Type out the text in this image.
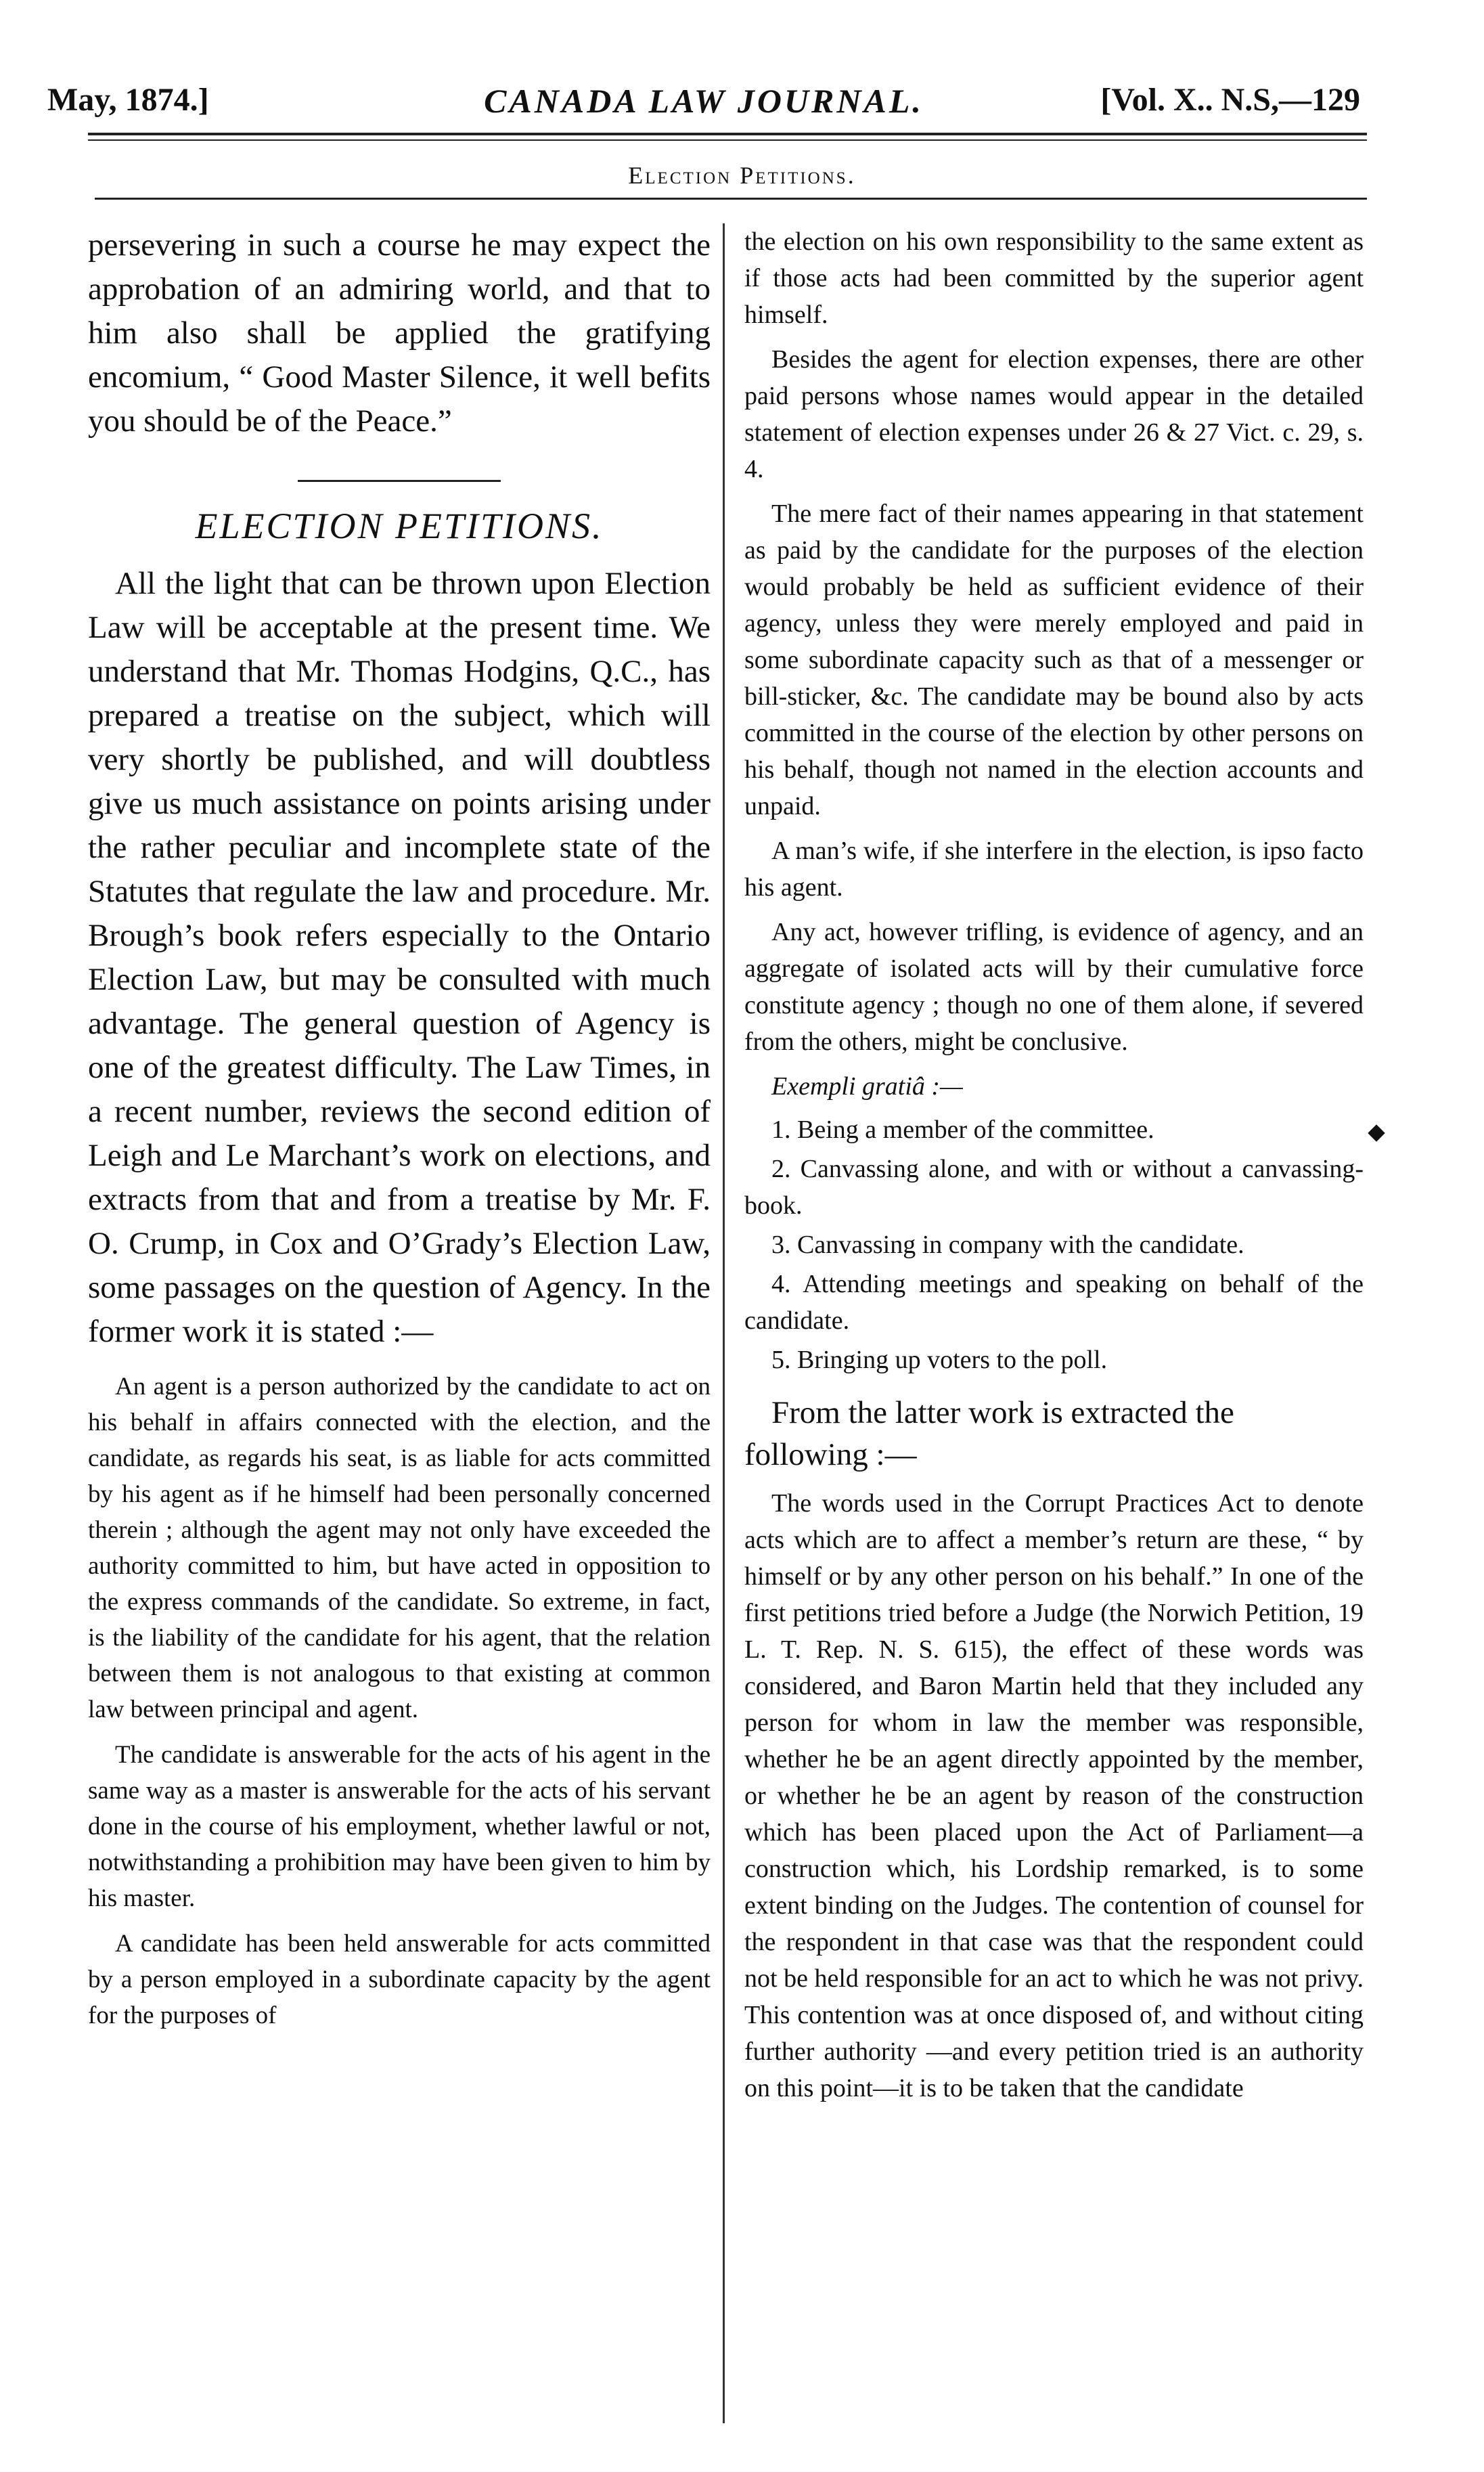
May, 1874.]	CANADA LAW JOURNAL.	[Vol. X.. N.S,—129
Election Petitions.

persevering in such a course he may expect the approbation of an admiring world, and that to him also shall be applied the gratifying encomium, “ Good Master Silence, it well befits you should be of the Peace.”

ELECTION PETITIONS.

All the light that can be thrown upon Election Law will be acceptable at the present time. We understand that Mr. Thomas Hodgins, Q.C., has prepared a treatise on the subject, which will very shortly be published, and will doubtless give us much assistance on points arising under the rather peculiar and incomplete state of the Statutes that regulate the law and procedure. Mr. Brough’s book refers especially to the Ontario Election Law, but may be consulted with much advantage. The general question of Agency is one of the greatest difficulty. The Law Times, in a recent number, reviews the second edition of Leigh and Le Marchant’s work on elections, and extracts from that and from a treatise by Mr. F. O. Crump, in Cox and O’Grady’s Election Law, some passages on the question of Agency. In the former work it is stated :—

An agent is a person authorized by the candidate to act on his behalf in affairs connected with the election, and the candidate, as regards his seat, is as liable for acts committed by his agent as if he himself had been personally concerned therein ; although the agent may not only have exceeded the authority committed to him, but have acted in opposition to the express commands of the candidate. So extreme, in fact, is the liability of the candidate for his agent, that the relation between them is not analogous to that existing at common law between principal and agent.

The candidate is answerable for the acts of his agent in the same way as a master is answerable for the acts of his servant done in the course of his employment, whether lawful or not, notwithstanding a prohibition may have been given to him by his master.

A candidate has been held answerable for acts committed by a person employed in a subordinate capacity by the agent for the purposes of

the election on his own responsibility to the same extent as if those acts had been committed by the superior agent himself.

Besides the agent for election expenses, there are other paid persons whose names would appear in the detailed statement of election expenses under 26 & 27 Vict. c. 29, s. 4.

The mere fact of their names appearing in that statement as paid by the candidate for the purposes of the election would probably be held as sufficient evidence of their agency, unless they were merely employed and paid in some subordinate capacity such as that of a messenger or bill-sticker, &c. The candidate may be bound also by acts committed in the course of the election by other persons on his behalf, though not named in the election accounts and unpaid.

A man’s wife, if she interfere in the election, is ipso facto his agent.

Any act, however trifling, is evidence of agency, and an aggregate of isolated acts will by their cumulative force constitute agency ; though no one of them alone, if severed from the others, might be conclusive.

Exempli gratiâ :—

1. Being a member of the committee.

2. Canvassing alone, and with or without a canvassing-book.

3. Canvassing in company with the candidate.

4. Attending meetings and speaking on behalf of the candidate.

5. Bringing up voters to the poll.

From the latter work is extracted the following :—

The words used in the Corrupt Practices Act to denote acts which are to affect a member’s return are these, “ by himself or by any other person on his behalf.” In one of the first petitions tried before a Judge (the Norwich Petition, 19 L. T. Rep. N. S. 615), the effect of these words was considered, and Baron Martin held that they included any person for whom in law the member was responsible, whether he be an agent directly appointed by the member, or whether he be an agent by reason of the construction which has been placed upon the Act of Parliament—a construction which, his Lordship remarked, is to some extent binding on the Judges. The contention of counsel for the respondent in that case was that the respondent could not be held responsible for an act to which he was not privy. This contention was at once disposed of, and without citing further authority —and every petition tried is an authority on this point—it is to be taken that the candidate
